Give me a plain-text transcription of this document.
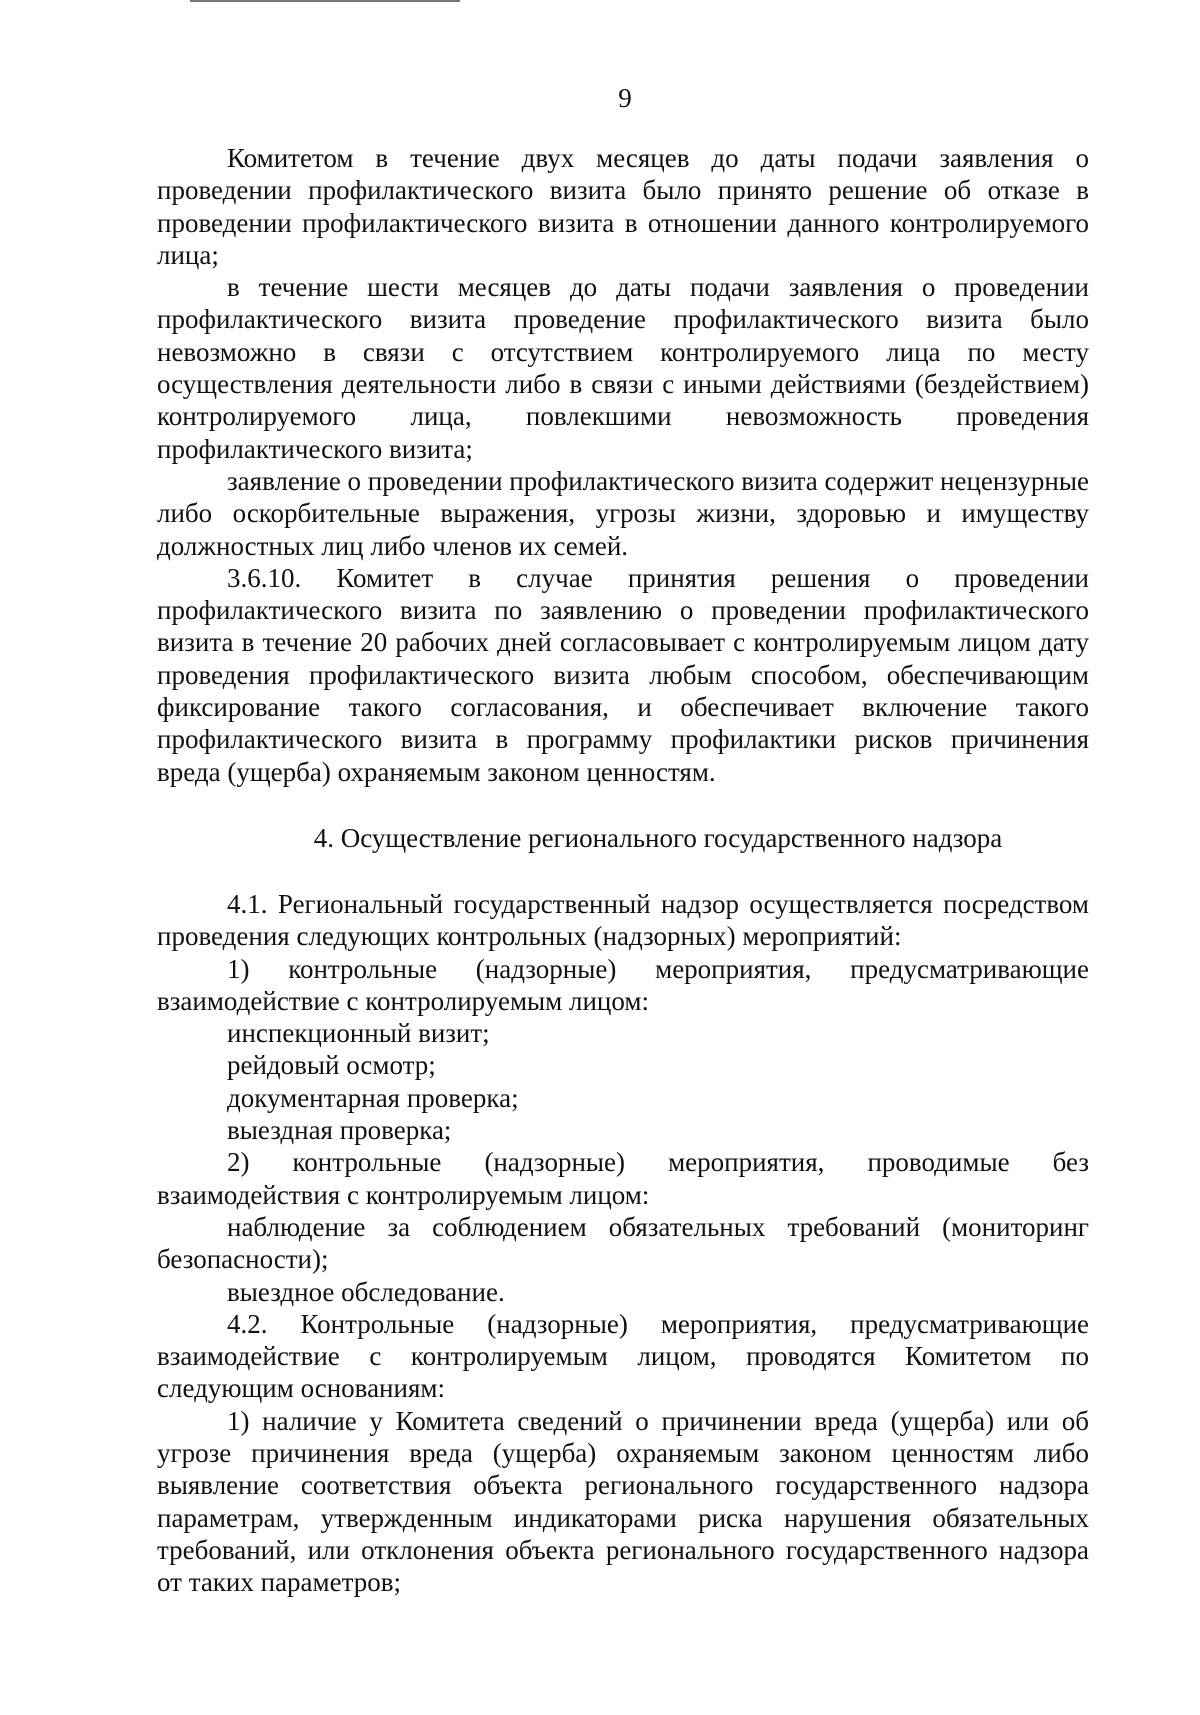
9

Комитетом в течение двух месяцев до даты подачи заявления о проведении профилактического визита было принято решение об отказе в проведении профилактического визита в отношении данного контролируемого лица;

в течение шести месяцев до даты подачи заявления о проведении профилактического визита проведение профилактического визита было невозможно в связи с отсутствием контролируемого лица по месту осуществления деятельности либо в связи с иными действиями (бездействием) контролируемого лица, повлекшими невозможность проведения профилактического визита;

заявление о проведении профилактического визита содержит нецензурные либо оскорбительные выражения, угрозы жизни, здоровью и имуществу должностных лиц либо членов их семей.

3.6.10. Комитет в случае принятия решения о проведении профилактического визита по заявлению о проведении профилактического визита в течение 20 рабочих дней согласовывает с контролируемым лицом дату проведения профилактического визита любым способом, обеспечивающим фиксирование такого согласования, и обеспечивает включение такого профилактического визита в программу профилактики рисков причинения вреда (ущерба) охраняемым законом ценностям.

4. Осуществление регионального государственного надзора

4.1. Региональный государственный надзор осуществляется посредством проведения следующих контрольных (надзорных) мероприятий:

1) контрольные (надзорные) мероприятия, предусматривающие взаимодействие с контролируемым лицом:

инспекционный визит;

рейдовый осмотр;

документарная проверка;

выездная проверка;

2) контрольные (надзорные) мероприятия, проводимые без взаимодействия с контролируемым лицом:

наблюдение за соблюдением обязательных требований (мониторинг безопасности);

выездное обследование.

4.2. Контрольные (надзорные) мероприятия, предусматривающие взаимодействие с контролируемым лицом, проводятся Комитетом по следующим основаниям:

1) наличие у Комитета сведений о причинении вреда (ущерба) или об угрозе причинения вреда (ущерба) охраняемым законом ценностям либо выявление соответствия объекта регионального государственного надзора параметрам, утвержденным индикаторами риска нарушения обязательных требований, или отклонения объекта регионального государственного надзора от таких параметров;
